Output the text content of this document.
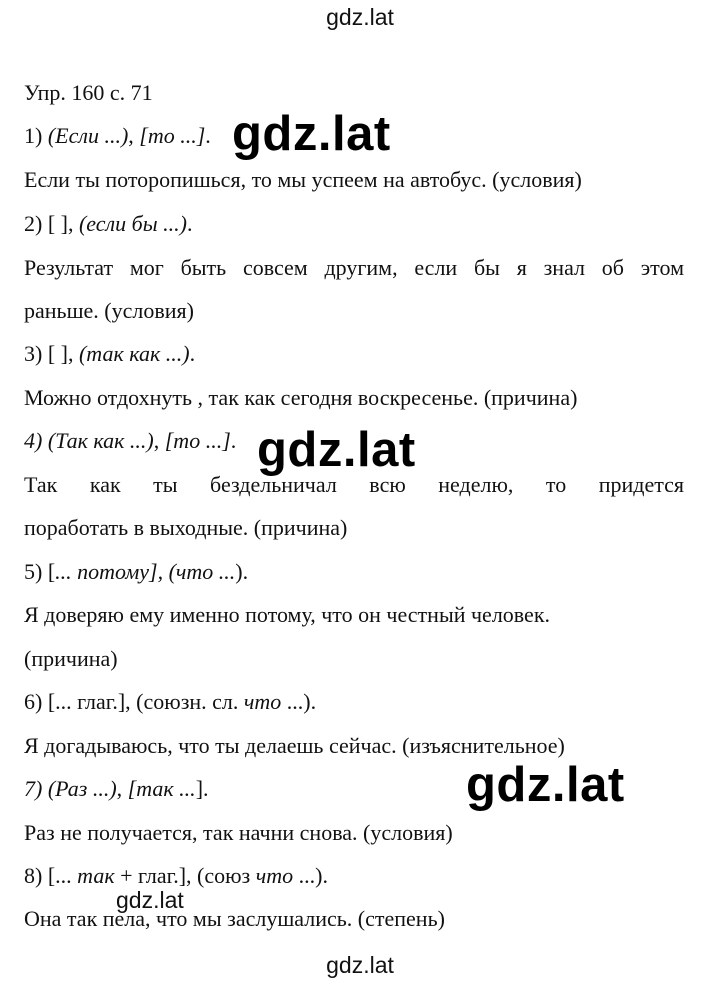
gdz.lat
Упр. 160 с. 71
1) (Если ...), [то ...].
Если ты поторопишься, то мы успеем на автобус. (условия)
2) [ ], (если бы ...).
Результат мог быть совсем другим, если бы я знал об этом
раньше. (условия)
3) [ ], (так как ...).
Можно отдохнуть , так как сегодня воскресенье. (причина)
4) (Так как ...), [то ...].
Так как ты бездельничал всю неделю, то придется
поработать в выходные. (причина)
5) [... потому], (что ...).
Я доверяю ему именно потому, что он честный человек.
(причина)
6) [... глаг.], (союзн. сл. что ...).
Я догадываюсь, что ты делаешь сейчас. (изъяснительное)
7) (Раз ...), [так ...].
Раз не получается, так начни снова. (условия)
8) [... так + глаг.], (союз что ...).
Она так пела, что мы заслушались. (степень)
gdz.lat
gdz.lat
gdz.lat
gdz.lat
gdz.lat
